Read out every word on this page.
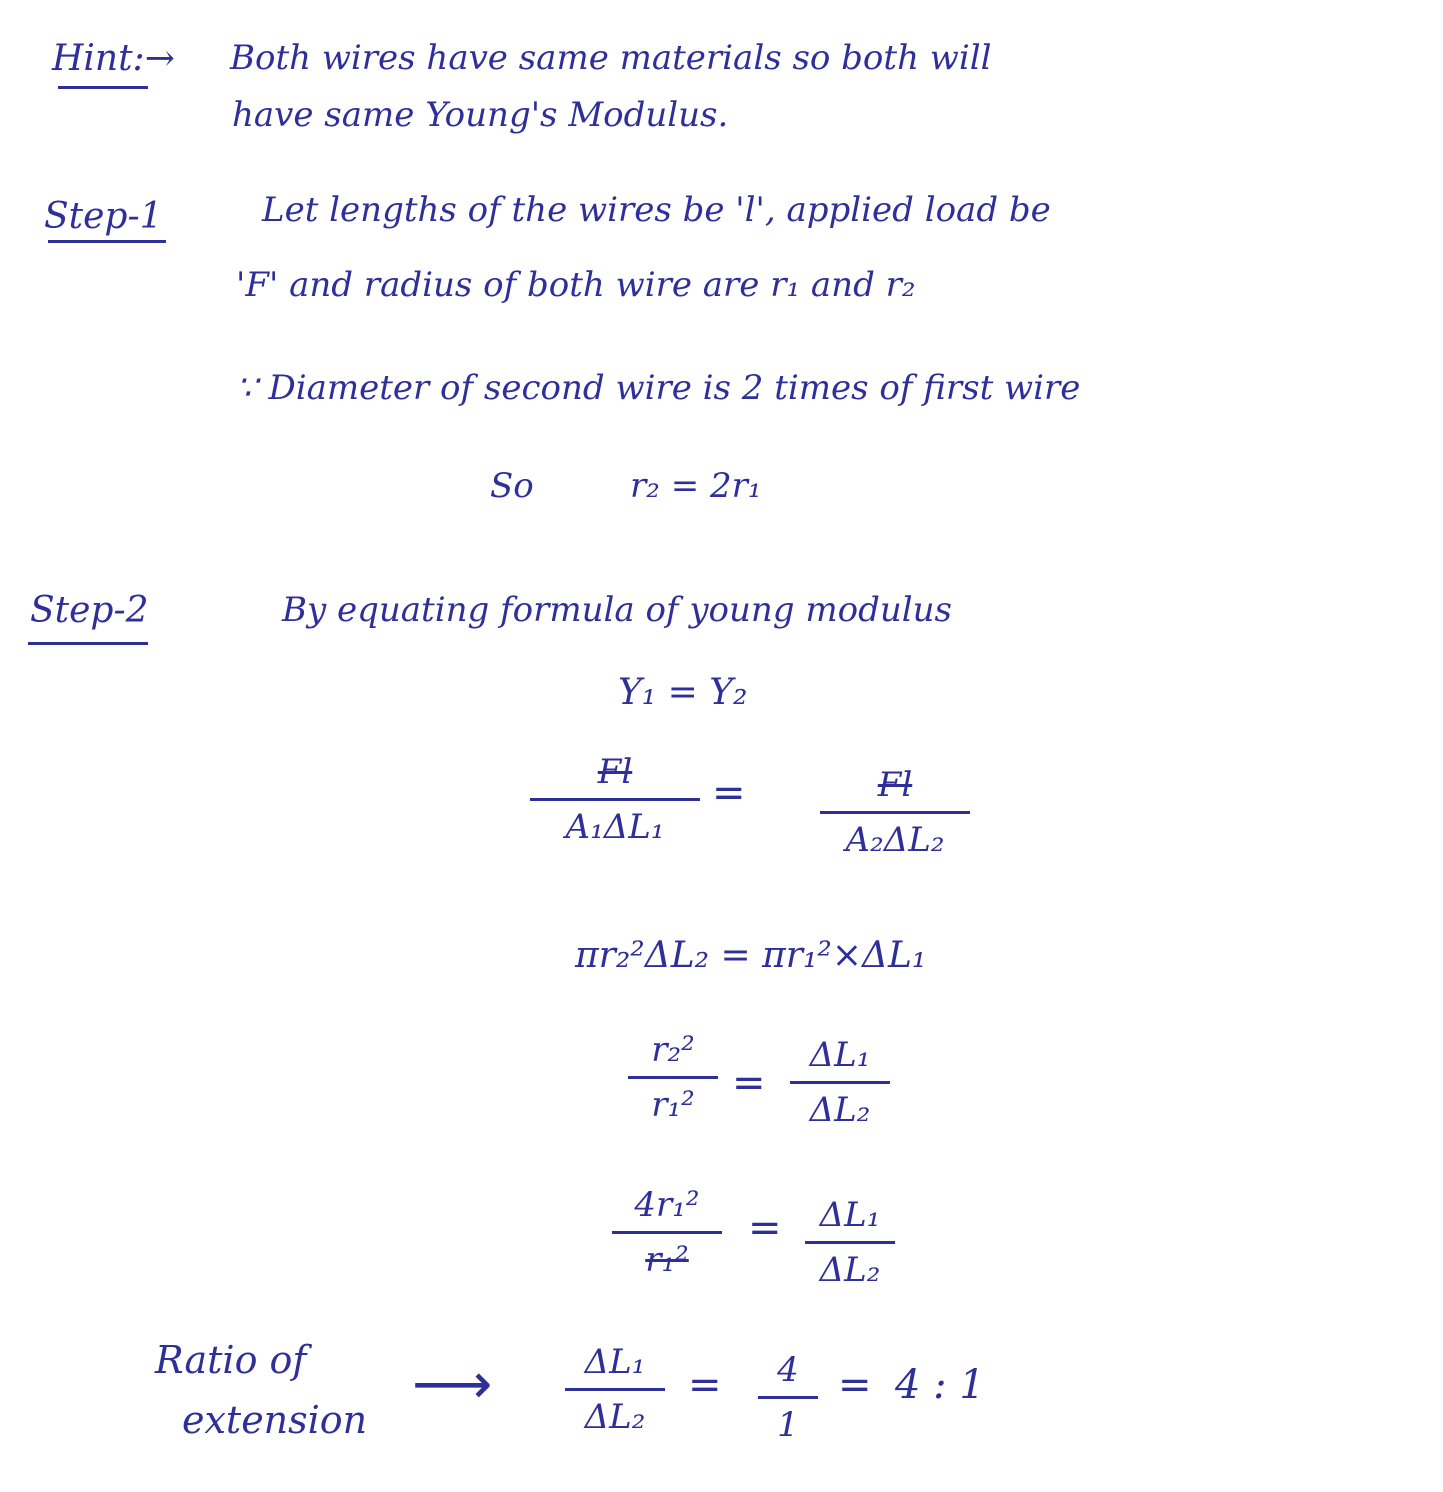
Hint:→ Both wires have same materials so both will
have same Young's Modulus.
Step-1	Let lengths of the wires be 'l', applied load be
'F' and radius of both wire are r₁ and r₂
∵ Diameter of second wire is 2 times of first wire
So	r₂ = 2r₁
Step-2	By equating formula of young modulus
Y₁ = Y₂
Fl
A₁ΔL₁
=	Fl
A₂ΔL₂
πr₂²ΔL₂ = πr₁²×ΔL₁
r₂²
r₁² =
ΔL₁
ΔL₂
4r₁²
r₁²
=	ΔL₁
ΔL₂
Ratio of
extension
⟶	ΔL₁
ΔL₂
=	4
1
= 4 : 1
